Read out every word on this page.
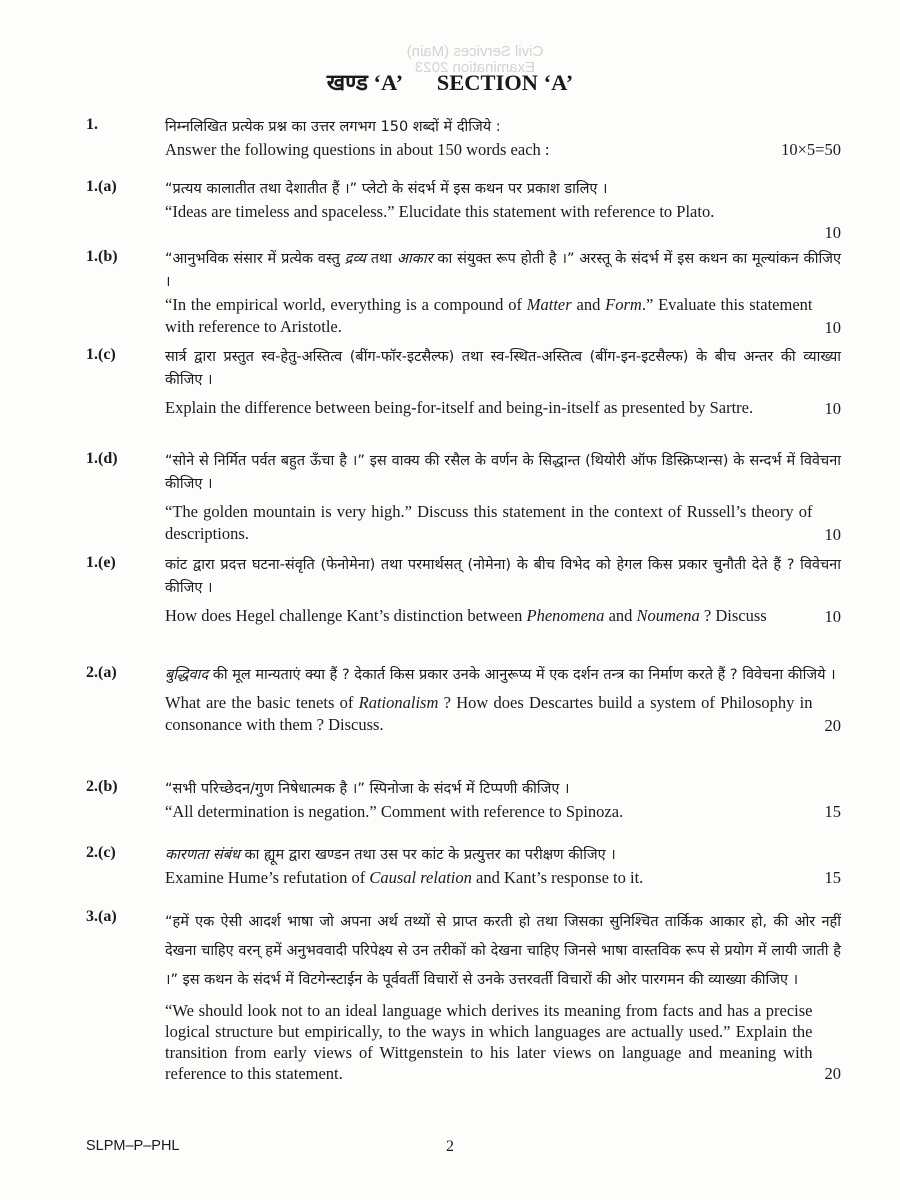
Civil Services (Main)
Examination 2023
खण्ड ‘A’ SECTION ‘A’
1.	निम्नलिखित प्रत्येक प्रश्न का उत्तर लगभग 150 शब्दों में दीजिये :
Answer the following questions in about 150 words each :	10×5=50
1.(a)	“प्रत्यय कालातीत तथा देशातीत हैं ।” प्लेटो के संदर्भ में इस कथन पर प्रकाश डालिए ।
“Ideas are timeless and spaceless.” Elucidate this statement with reference to Plato.
10
1.(b)	“आनुभविक संसार में प्रत्येक वस्तु द्रव्य तथा आकार का संयुक्त रूप होती है ।” अरस्तू के संदर्भ में इस कथन का मूल्यांकन कीजिए ।
“In the empirical world, everything is a compound of Matter and Form.” Evaluate this statement with reference to Aristotle.	10
1.(c)	सार्त्र द्वारा प्रस्तुत स्व-हेतु-अस्तित्व (बींग-फॉर-इटसैल्फ) तथा स्व-स्थित-अस्तित्व (बींग-इन-इटसैल्फ) के बीच अन्तर की व्याख्या कीजिए ।
Explain the difference between being-for-itself and being-in-itself as presented by Sartre.	10
1.(d)	“सोने से निर्मित पर्वत बहुत ऊँचा है ।” इस वाक्य की रसैल के वर्णन के सिद्धान्त (थियोरी ऑफ डिस्क्रिप्शन्स) के सन्दर्भ में विवेचना कीजिए ।
“The golden mountain is very high.” Discuss this statement in the context of Russell’s theory of descriptions.	10
1.(e)	कांट द्वारा प्रदत्त घटना-संवृति (फेनोमेना) तथा परमार्थसत् (नोमेना) के बीच विभेद को हेगल किस प्रकार चुनौती देते हैं ? विवेचना कीजिए ।
How does Hegel challenge Kant’s distinction between Phenomena and Noumena ? Discuss	10
2.(a)	बुद्धिवाद की मूल मान्यताएं क्या हैं ? देकार्त किस प्रकार उनके आनुरूप्य में एक दर्शन तन्त्र का निर्माण करते हैं ? विवेचना कीजिये ।
What are the basic tenets of Rationalism ? How does Descartes build a system of Philosophy in consonance with them ? Discuss.	20
2.(b)	“सभी परिच्छेदन/गुण निषेधात्मक है ।” स्पिनोजा के संदर्भ में टिप्पणी कीजिए ।
“All determination is negation.” Comment with reference to Spinoza.	15
2.(c)	कारणता संबंध का ह्यूम द्वारा खण्डन तथा उस पर कांट के प्रत्युत्तर का परीक्षण कीजिए ।
Examine Hume’s refutation of Causal relation and Kant’s response to it.	15
3.(a)	“हमें एक ऐसी आदर्श भाषा जो अपना अर्थ तथ्यों से प्राप्त करती हो तथा जिसका सुनिश्चित तार्किक आकार हो, की ओर नहीं देखना चाहिए वरन् हमें अनुभववादी परिपेक्ष्य से उन तरीकों को देखना चाहिए जिनसे भाषा वास्तविक रूप से प्रयोग में लायी जाती है ।” इस कथन के संदर्भ में विटगेन्स्टाईन के पूर्ववर्ती विचारों से उनके उत्तरवर्ती विचारों की ओर पारगमन की व्याख्या कीजिए ।
“We should look not to an ideal language which derives its meaning from facts and has a precise logical structure but empirically, to the ways in which languages are actually used.” Explain the transition from early views of Wittgenstein to his later views on language and meaning with reference to this statement.	20
SLPM–P–PHL	2
